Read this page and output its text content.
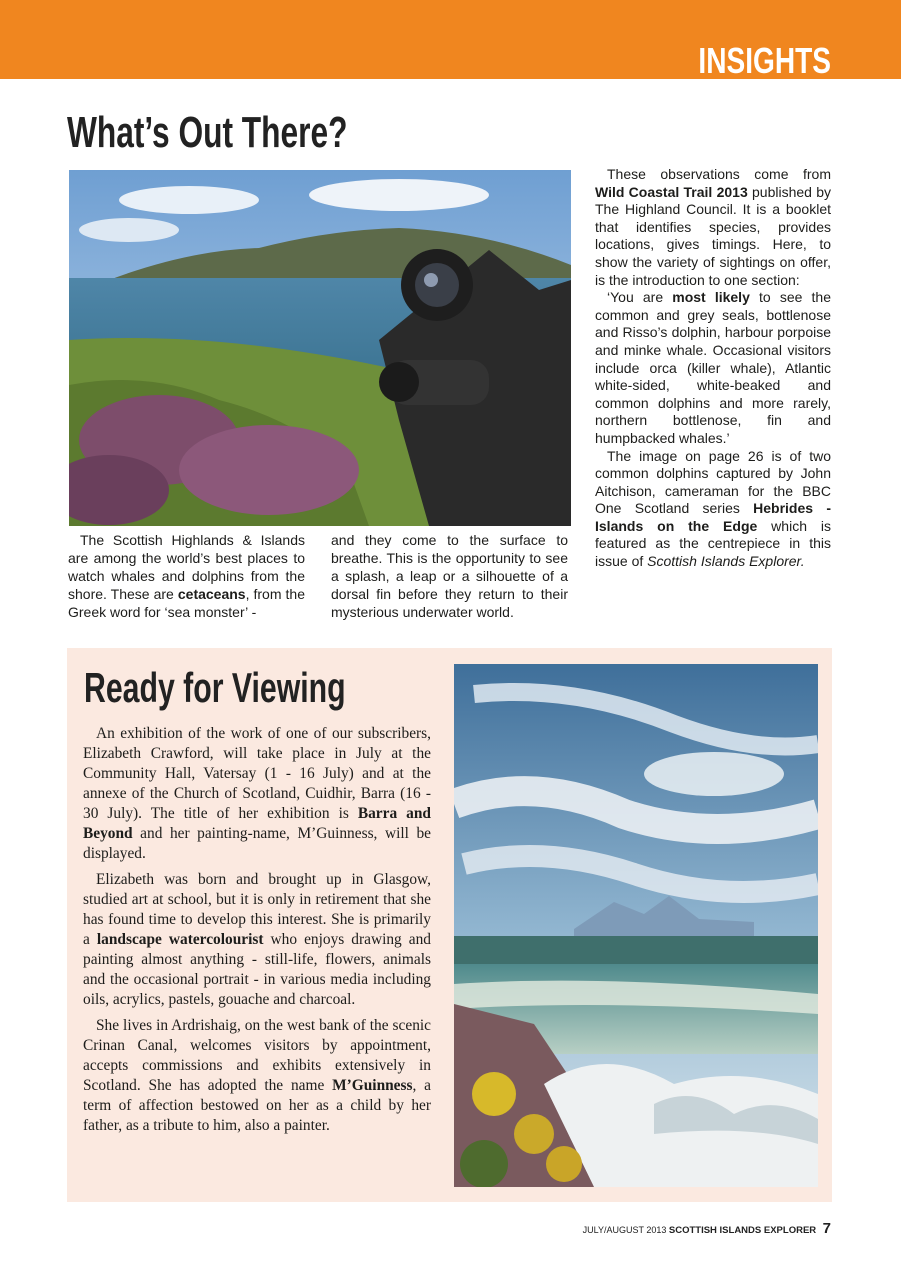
INSIGHTS
What’s Out There?

The Scottish Highlands & Islands are among the world’s best places to watch whales and dolphins from the shore. These are cetaceans, from the Greek word for ‘sea monster’ -

and they come to the surface to breathe. This is the opportunity to see a splash, a leap or a silhouette of a dorsal fin before they return to their mysterious underwater world.

These observations come from Wild Coastal Trail 2013 published by The Highland Council. It is a booklet that identifies species, provides locations, gives timings. Here, to show the variety of sightings on offer, is the introduction to one section:

‘You are most likely to see the common and grey seals, bottlenose and Risso’s dolphin, harbour porpoise and minke whale. Occasional visitors include orca (killer whale), Atlantic white-sided, white-beaked and common dolphins and more rarely, northern bottlenose, fin and humpbacked whales.’

The image on page 26 is of two common dolphins captured by John Aitchison, cameraman for the BBC One Scotland series Hebrides - Islands on the Edge which is featured as the centrepiece in this issue of Scottish Islands Explorer.

Ready for Viewing

An exhibition of the work of one of our subscribers, Elizabeth Crawford, will take place in July at the Community Hall, Vatersay (1 - 16 July) and at the annexe of the Church of Scotland, Cuidhir, Barra (16 - 30 July). The title of her exhibition is Barra and Beyond and her painting-name, M’Guinness, will be displayed.

Elizabeth was born and brought up in Glasgow, studied art at school, but it is only in retirement that she has found time to develop this interest. She is primarily a landscape watercolourist who enjoys drawing and painting almost anything - still-life, flowers, animals and the occasional portrait - in various media including oils, acrylics, pastels, gouache and charcoal.

She lives in Ardrishaig, on the west bank of the scenic Crinan Canal, welcomes visitors by appointment, accepts commissions and exhibits extensively in Scotland. She has adopted the name M’Guinness, a term of affection bestowed on her as a child by her father, as a tribute to him, also a painter.

JULY/AUGUST 2013 SCOTTISH ISLANDS EXPLORER 7
